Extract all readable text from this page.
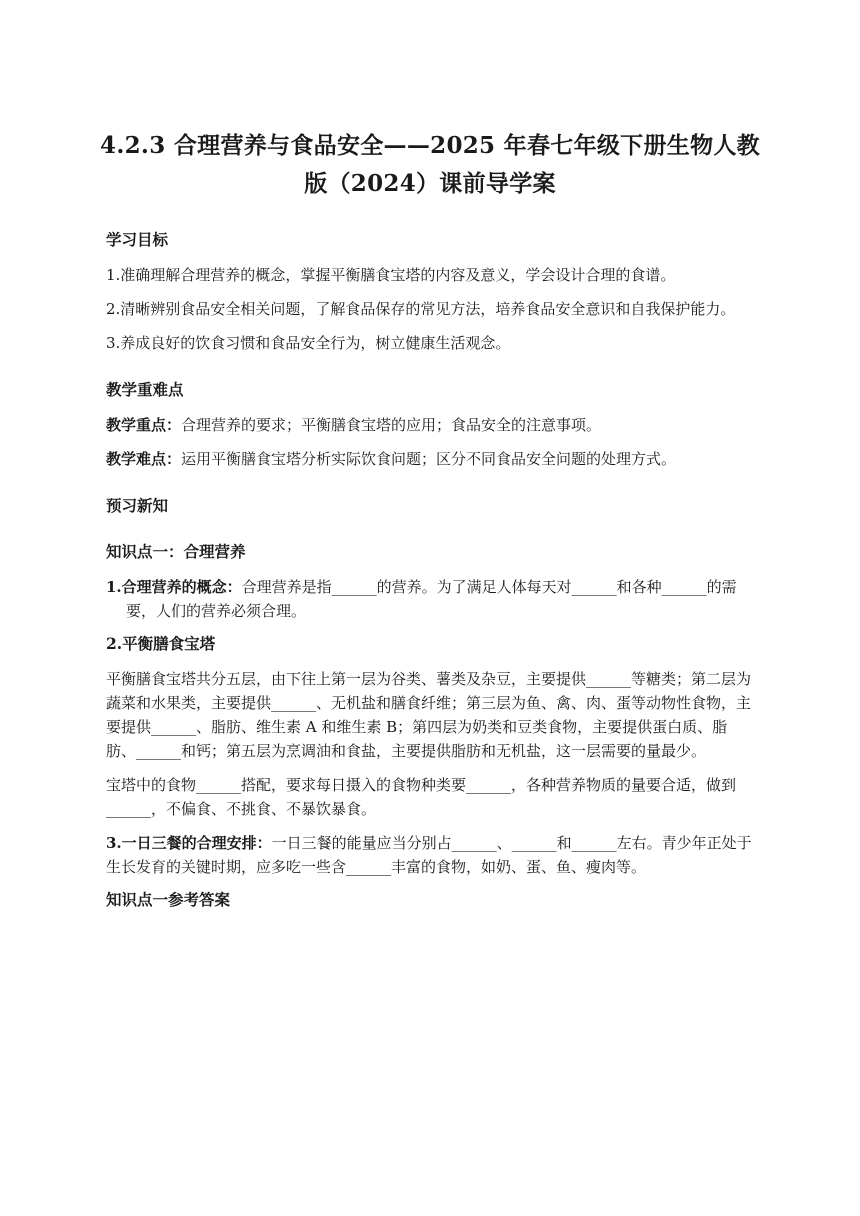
4.2.3 合理营养与食品安全——2025 年春七年级下册生物人教版（2024）课前导学案
学习目标
1.准确理解合理营养的概念，掌握平衡膳食宝塔的内容及意义，学会设计合理的食谱。
2.清晰辨别食品安全相关问题，了解食品保存的常见方法，培养食品安全意识和自我保护能力。
3.养成良好的饮食习惯和食品安全行为，树立健康生活观念。
教学重难点
教学重点：合理营养的要求；平衡膳食宝塔的应用；食品安全的注意事项。
教学难点：运用平衡膳食宝塔分析实际饮食问题；区分不同食品安全问题的处理方式。
预习新知
知识点一：合理营养
1.合理营养的概念：合理营养是指______的营养。为了满足人体每天对______和各种______的需要，人们的营养必须合理。
2.平衡膳食宝塔
平衡膳食宝塔共分五层，由下往上第一层为谷类、薯类及杂豆，主要提供______等糖类；第二层为蔬菜和水果类，主要提供______、无机盐和膳食纤维；第三层为鱼、禽、肉、蛋等动物性食物，主要提供______、脂肪、维生素 A 和维生素 B；第四层为奶类和豆类食物，主要提供蛋白质、脂肪、______和钙；第五层为烹调油和食盐，主要提供脂肪和无机盐，这一层需要的量最少。
宝塔中的食物______搭配，要求每日摄入的食物种类要______，各种营养物质的量要合适，做到______，不偏食、不挑食、不暴饮暴食。
3.一日三餐的合理安排：一日三餐的能量应当分别占______、______和______左右。青少年正处于生长发育的关键时期，应多吃一些含______丰富的食物，如奶、蛋、鱼、瘦肉等。
知识点一参考答案
